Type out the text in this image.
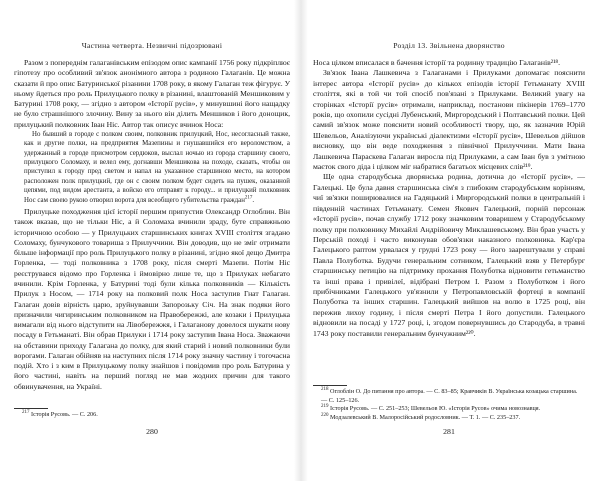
Частина четверта. Незвичні підозрювані

Разом з попереднім галаганівським епізодом опис кампанії 1756 року підкріплює гіпотезу про особливий зв'язок анонімного автора з родиною Галаганів. Це можна сказати й про опис Батуринської різанини 1708 року, в якому Галаган теж фігурує. У ньому йдеться про роль Прилуцького полку в різанині, влаштованій Меншиковим у Батурині 1708 року, — згідно з автором «Історії русів», у минувшині його нащадку не було страшнішого злочину. Вину за нього він ділить Меншиков і його донощик, прилуцький полковник Іван Ніс. Автор так описує вчинок Носа:

Но бывший в городе с полком своим, полковник прилуцкий, Нос, несогласный также, как и другие полки, на предприятия Мазепины и гнушавшийся его вероломством, а удержанный в городе присмотром сердюков, выслал ночью из города старшину своего, прилуцкого Соломаху, и велел ему, догнавши Меншикова на походе, сказать, чтобы он приступил к городу пред светом и напал на указанное старшиною место, на котором расположен полк прилуцкий, где он с своим полком будет сидеть на пушек, оказанной цепями, под видом арестанта, а войско его отправят к городу... и прилуцкий полковник Нос сам своею рукою отворил ворота для всеобщего губительства граждан$^{217}$.

Прилуцьке походження цієї історії першим припустив Олександр Оглоблин. Він також вказав, що не тільки Ніс, а й Соломаха вчинили зраду, буте справжньою історичною особою — у Прилуцьких старшинських книгах XVIII століття згадано Соломаху, бунчукового товариша з Прилуччини. Він доводив, що не зміг отримати більше інформації про роль Прилуцького полку в різанині, згідно якої дещо Дмитра Горленка, — тоді полковника з 1708 року, після смерті Мазепи. Потім Ніс реєструвався відомо про Горленка і ймовірно лише те, що з Прилуках небагато вчинили. Крім Горленка, у Батурині тоді були кілька полковників — Кількість Прилук з Носом, — 1714 року на полковий полк Носа заступив Гнат Галаган. Галаган довів вірність царю, зруйнувавши Запорозьку Січ. На знак подяки його призначили чигиринським полковником на Правобережжі, але козаки і Прилуцька вимагали від нього відступити на Лівобережжя, і Галаганову довелося шукати нову посаду в Гетьманаті. Він обрав Прилуки і 1714 року заступив Івана Носа. Зважаючи на обставини приходу Галагана до полку, для який старий і новий полковники були ворогами. Галаган обійняв на наступних після 1714 року значну частину і тогочасна подій. Хто і з ким в Прилуцькому полку знайшов і повідомив про роль Батурина у його частині, навіть на перший погляд не мав жодних причин для такого обвинувачення, на Україні.

$^{217}$ Історія Русовь. — С. 206.

280
Розділ 13. Звільнена дворянство

Носа цілком вписалася в бачення історії та родинну традицію Галаганів²¹⁸.

Зв'язок Івана Лашкевича з Галаганами і Прилуками допомагає пояснити інтерес автора «Історії русів» до кількох епізодів історії Гетьманату XVIII століття, які в той чи той спосіб пов'язані з Прилуками. Великий увагу на сторінках «Історії русів» отримали, наприклад, постанови пікінерів 1769–1770 років, що охопили сусідні Лубенський, Миргородський і Полтавський полки. Цей самий зв'язок може пояснити новий особливості твору, що, як зазначив Юрій Шевельов, Аналізуючи українські діалектизми «Історії русів», Шевельов дійшов висновку, що він веде походження з північної Прилуччини. Мати Івана Лашкевича Параскева Галаган виросла під Прилуками, а сам Іван був з умітною маєток свого діда і цілком міг набратися багатьох місцевих слів²¹⁹.

Ще одна стародубська дворянська родина, дотична до «Історії русів», — Галецькі. Це була давня старшинська сім'я з глибоким стародубським корінням, чиї зв'язки поширювалися на Гадяцький і Миргородський полки в центральній і південній частинах Гетьманату. Семен Якович Галецький, порній персонаж «Історії русів», почав службу 1712 року значковим товаришем у Стародубському полку при полковнику Михайлі Андрійовичу Миклашевському. Він брав участь у Перській поході і часто виконував обов'язки наказного полковника. Кар'єра Галецького раптом урвалася у грудні 1723 року — його заарештували у справі Павла Полуботка. Будучи генеральним сотником, Галецький взяв у Петербург старшинську петицію на підтримку прохання Полуботка відновити гетьманство та інші права і привілеї, відібрані Петром І. Разом з Полуботком і його прибічниками Галецького ув'язнили у Петропавловській фортеці в компанії Полуботка та інших старшин. Галецький вийшов на волю в 1725 році, він пережив лихоу годину, і після смерті Петра І його допустили. Галецького відновили на посаді у 1727 році, і, згодом повернувшись до Стародуба, в травні 1743 року поставили генеральним бунчужним²²⁰.

$^{218}$ Оглоблін О. До питання про автора. — С. 83–85; Кравчиків В. Українська козацька старшина. — С. 125–126.

$^{219}$ Історія Русовь. — С. 251–253; Шевельов Ю. «Історія Русов» очима новознавця.

$^{220}$ Модзалевський В. Малоросійський родословник. — Т. 1. — С. 235–237.

281
